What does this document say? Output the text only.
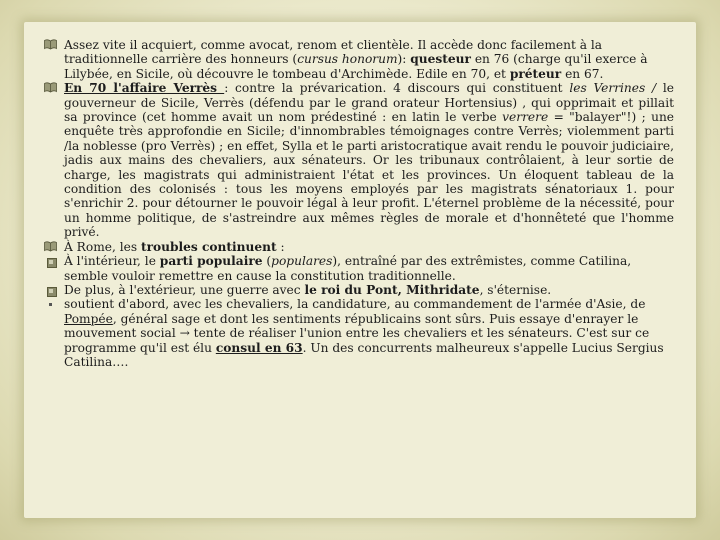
Assez vite il acquiert, comme avocat, renom et clientèle. Il accède donc facilement à la traditionnelle carrière des honneurs (cursus honorum): questeur en 76 (charge qu'il exerce à Lilybée, en Sicile, où découvre le tombeau d'Archimède. Edile en 70, et préteur en 67.
En 70 l'affaire Verrès : contre la prévarication. 4 discours qui constituent les Verrines / le gouverneur de Sicile, Verrès (défendu par le grand orateur Hortensius) , qui opprimait et pillait sa province (cet homme avait un nom prédestiné : en latin le verbe verrere = "balayer"!) ; une enquête très approfondie en Sicile; d'innombrables témoignages contre Verrès; violemment parti /la noblesse (pro Verrès) ; en effet, Sylla et le parti aristocratique avait rendu le pouvoir judiciaire, jadis aux mains des chevaliers, aux sénateurs. Or les tribunaux contrôlaient, à leur sortie de charge, les magistrats qui administraient l'état et les provinces. Un éloquent tableau de la condition des colonisés : tous les moyens employés par les magistrats sénatoriaux 1. pour s'enrichir 2. pour détourner le pouvoir légal à leur profit. L'éternel problème de la nécessité, pour un homme politique, de s'astreindre aux mêmes règles de morale et d'honnêteté que l'homme privé.
À Rome, les troubles continuent :
À l'intérieur, le parti populaire (populares), entraîné par des extrêmistes, comme Catilina, semble vouloir remettre en cause la constitution traditionnelle.
De plus, à l'extérieur, une guerre avec le roi du Pont, Mithridate, s'éternise.
soutient d'abord, avec les chevaliers, la candidature, au commandement de l'armée d'Asie, de Pompée, général sage et dont les sentiments républicains sont sûrs. Puis essaye d'enrayer le mouvement social → tente de réaliser l'union entre les chevaliers et les sénateurs. C'est sur ce programme qu'il est élu consul en 63. Un des concurrents malheureux s'appelle Lucius Sergius Catilina….
